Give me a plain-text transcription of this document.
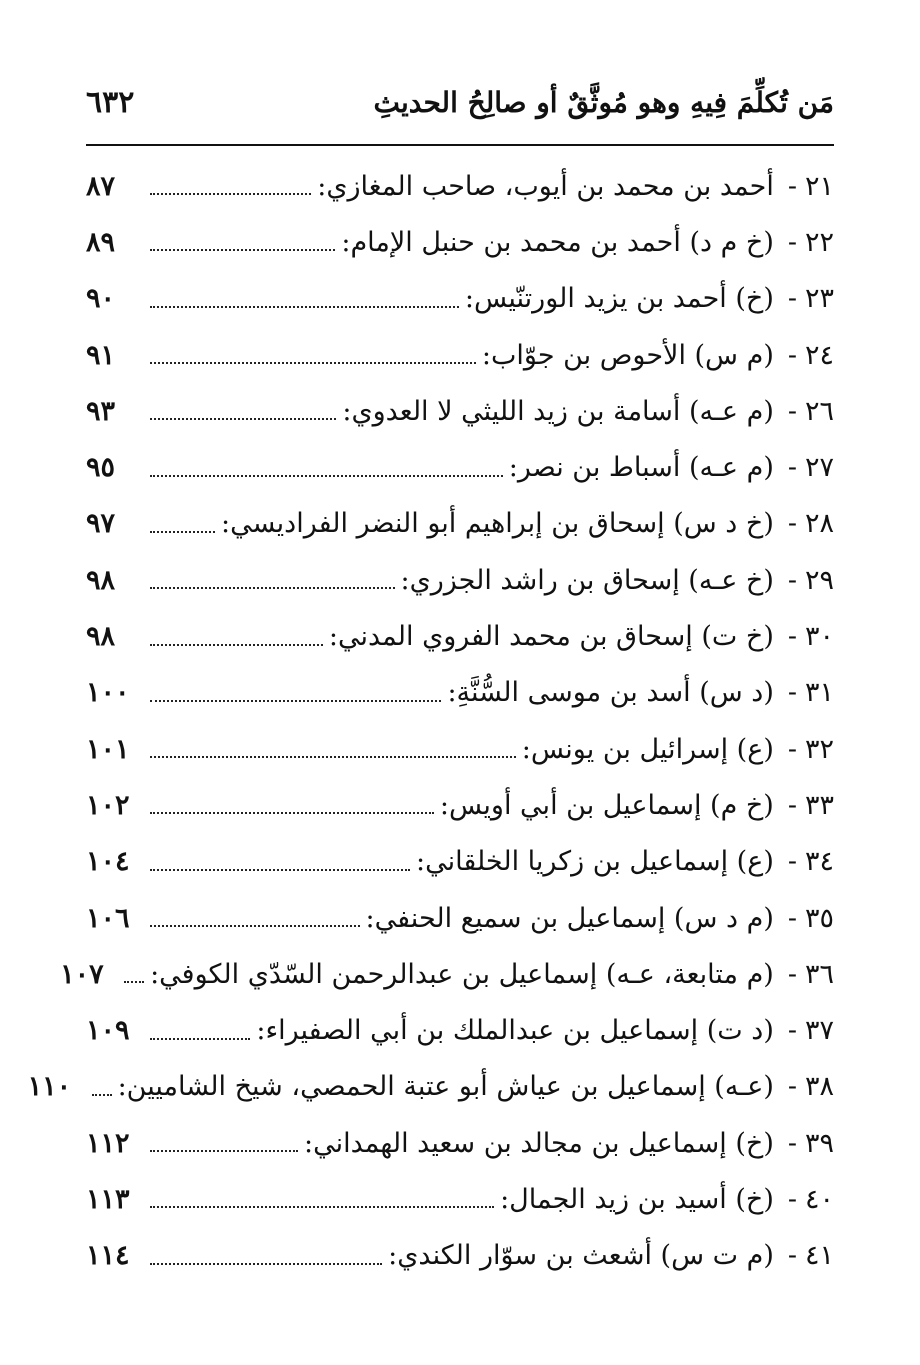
مَن تُكلِّمَ فِيهِ وهو مُوثَّقٌ أو صالِحُ الحديثِ
٦٣٢
٢١
-
أحمد بن محمد بن أيوب، صاحب المغازي:
٨٧
٢٢
-
(خ م د) أحمد بن محمد بن حنبل الإمام:
٨٩
٢٣
-
(خ) أحمد بن يزيد الورتنّيس:
٩٠
٢٤
-
(م س) الأحوص بن جوّاب:
٩١
٢٦
-
(م عـه) أسامة بن زيد الليثي لا العدوي:
٩٣
٢٧
-
(م عـه) أسباط بن نصر:
٩٥
٢٨
-
(خ د س) إسحاق بن إبراهيم أبو النضر الفراديسي:
٩٧
٢٩
-
(خ عـه) إسحاق بن راشد الجزري:
٩٨
٣٠
-
(خ ت) إسحاق بن محمد الفروي المدني:
٩٨
٣١
-
(د س) أسد بن موسى السُّنَّةِ:
١٠٠
٣٢
-
(ع) إسرائيل بن يونس:
١٠١
٣٣
-
(خ م) إسماعيل بن أبي أويس:
١٠٢
٣٤
-
(ع) إسماعيل بن زكريا الخلقاني:
١٠٤
٣٥
-
(م د س) إسماعيل بن سميع الحنفي:
١٠٦
٣٦
-
(م متابعة، عـه) إسماعيل بن عبدالرحمن السّدّي الكوفي:
١٠٧
٣٧
-
(د ت) إسماعيل بن عبدالملك بن أبي الصفيراء:
١٠٩
٣٨
-
(عـه) إسماعيل بن عياش أبو عتبة الحمصي، شيخ الشاميين:
١١٠
٣٩
-
(خ) إسماعيل بن مجالد بن سعيد الهمداني:
١١٢
٤٠
-
(خ) أسيد بن زيد الجمال:
١١٣
٤١
-
(م ت س) أشعث بن سوّار الكندي:
١١٤
